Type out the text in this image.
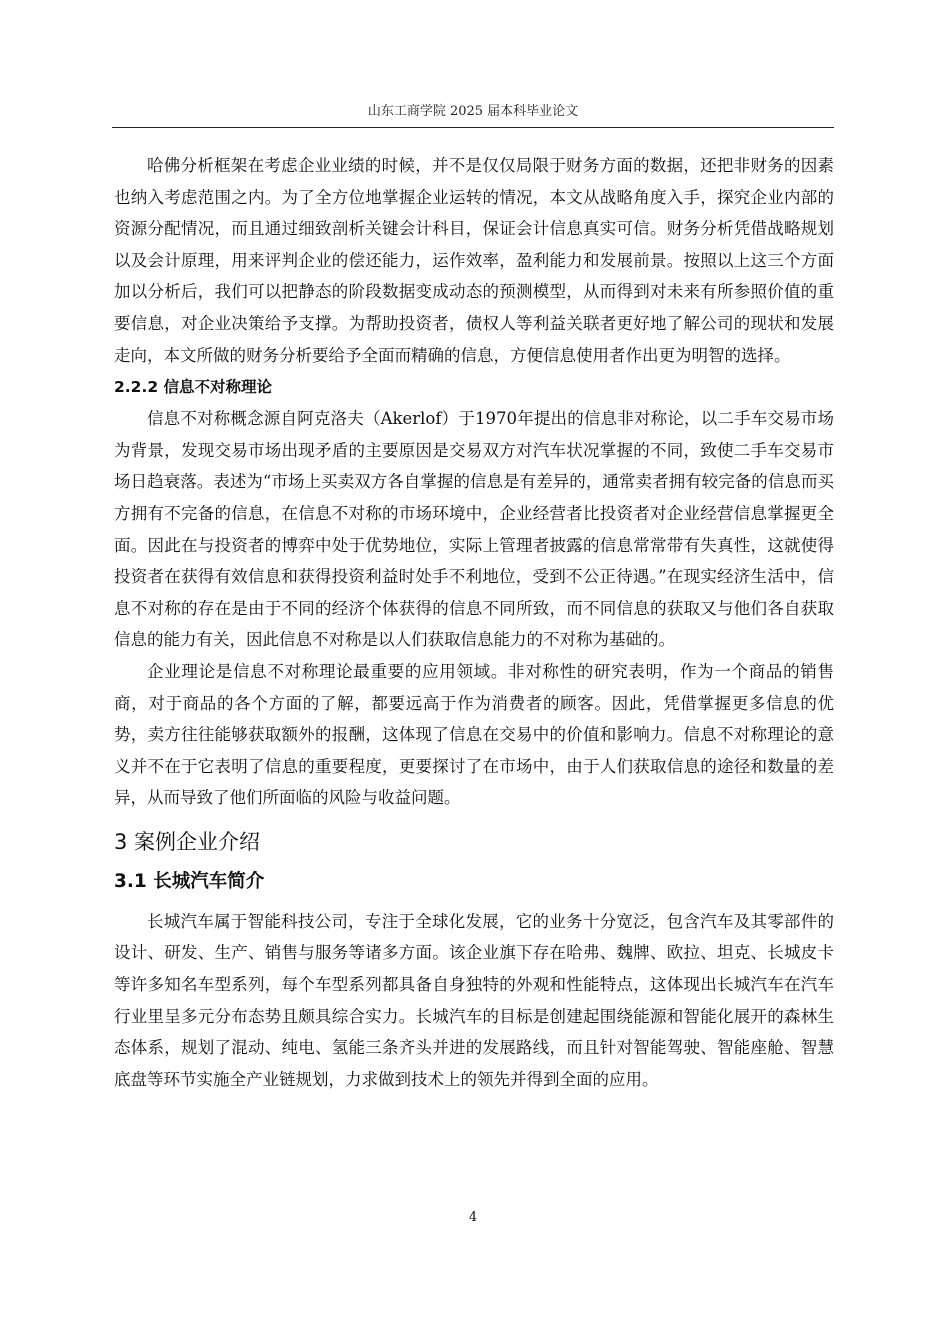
山东工商学院 2025 届本科毕业论文

哈佛分析框架在考虑企业业绩的时候，并不是仅仅局限于财务方面的数据，还把非财务的因素也纳入考虑范围之内。为了全方位地掌握企业运转的情况，本文从战略角度入手，探究企业内部的资源分配情况，而且通过细致剖析关键会计科目，保证会计信息真实可信。财务分析凭借战略规划以及会计原理，用来评判企业的偿还能力，运作效率，盈利能力和发展前景。按照以上这三个方面加以分析后，我们可以把静态的阶段数据变成动态的预测模型，从而得到对未来有所参照价值的重要信息，对企业决策给予支撑。为帮助投资者，债权人等利益关联者更好地了解公司的现状和发展走向，本文所做的财务分析要给予全面而精确的信息，方便信息使用者作出更为明智的选择。

2.2.2 信息不对称理论

信息不对称概念源自阿克洛夫（Akerlof）于1970年提出的信息非对称论，以二手车交易市场为背景，发现交易市场出现矛盾的主要原因是交易双方对汽车状况掌握的不同，致使二手车交易市场日趋衰落。表述为“市场上买卖双方各自掌握的信息是有差异的，通常卖者拥有较完备的信息而买方拥有不完备的信息，在信息不对称的市场环境中，企业经营者比投资者对企业经营信息掌握更全面。因此在与投资者的博弈中处于优势地位，实际上管理者披露的信息常常带有失真性，这就使得投资者在获得有效信息和获得投资利益时处手不利地位，受到不公正待遇。”在现实经济生活中，信息不对称的存在是由于不同的经济个体获得的信息不同所致，而不同信息的获取又与他们各自获取信息的能力有关，因此信息不对称是以人们获取信息能力的不对称为基础的。

企业理论是信息不对称理论最重要的应用领域。非对称性的研究表明，作为一个商品的销售商，对于商品的各个方面的了解，都要远高于作为消费者的顾客。因此，凭借掌握更多信息的优势，卖方往往能够获取额外的报酬，这体现了信息在交易中的价值和影响力。信息不对称理论的意义并不在于它表明了信息的重要程度，更要探讨了在市场中，由于人们获取信息的途径和数量的差异，从而导致了他们所面临的风险与收益问题。

3 案例企业介绍
3.1 长城汽车简介

长城汽车属于智能科技公司，专注于全球化发展，它的业务十分宽泛，包含汽车及其零部件的设计、研发、生产、销售与服务等诸多方面。该企业旗下存在哈弗、魏牌、欧拉、坦克、长城皮卡等许多知名车型系列，每个车型系列都具备自身独特的外观和性能特点，这体现出长城汽车在汽车行业里呈多元分布态势且颇具综合实力。长城汽车的目标是创建起围绕能源和智能化展开的森林生态体系，规划了混动、纯电、氢能三条齐头并进的发展路线，而且针对智能驾驶、智能座舱、智慧底盘等环节实施全产业链规划，力求做到技术上的领先并得到全面的应用。

4
